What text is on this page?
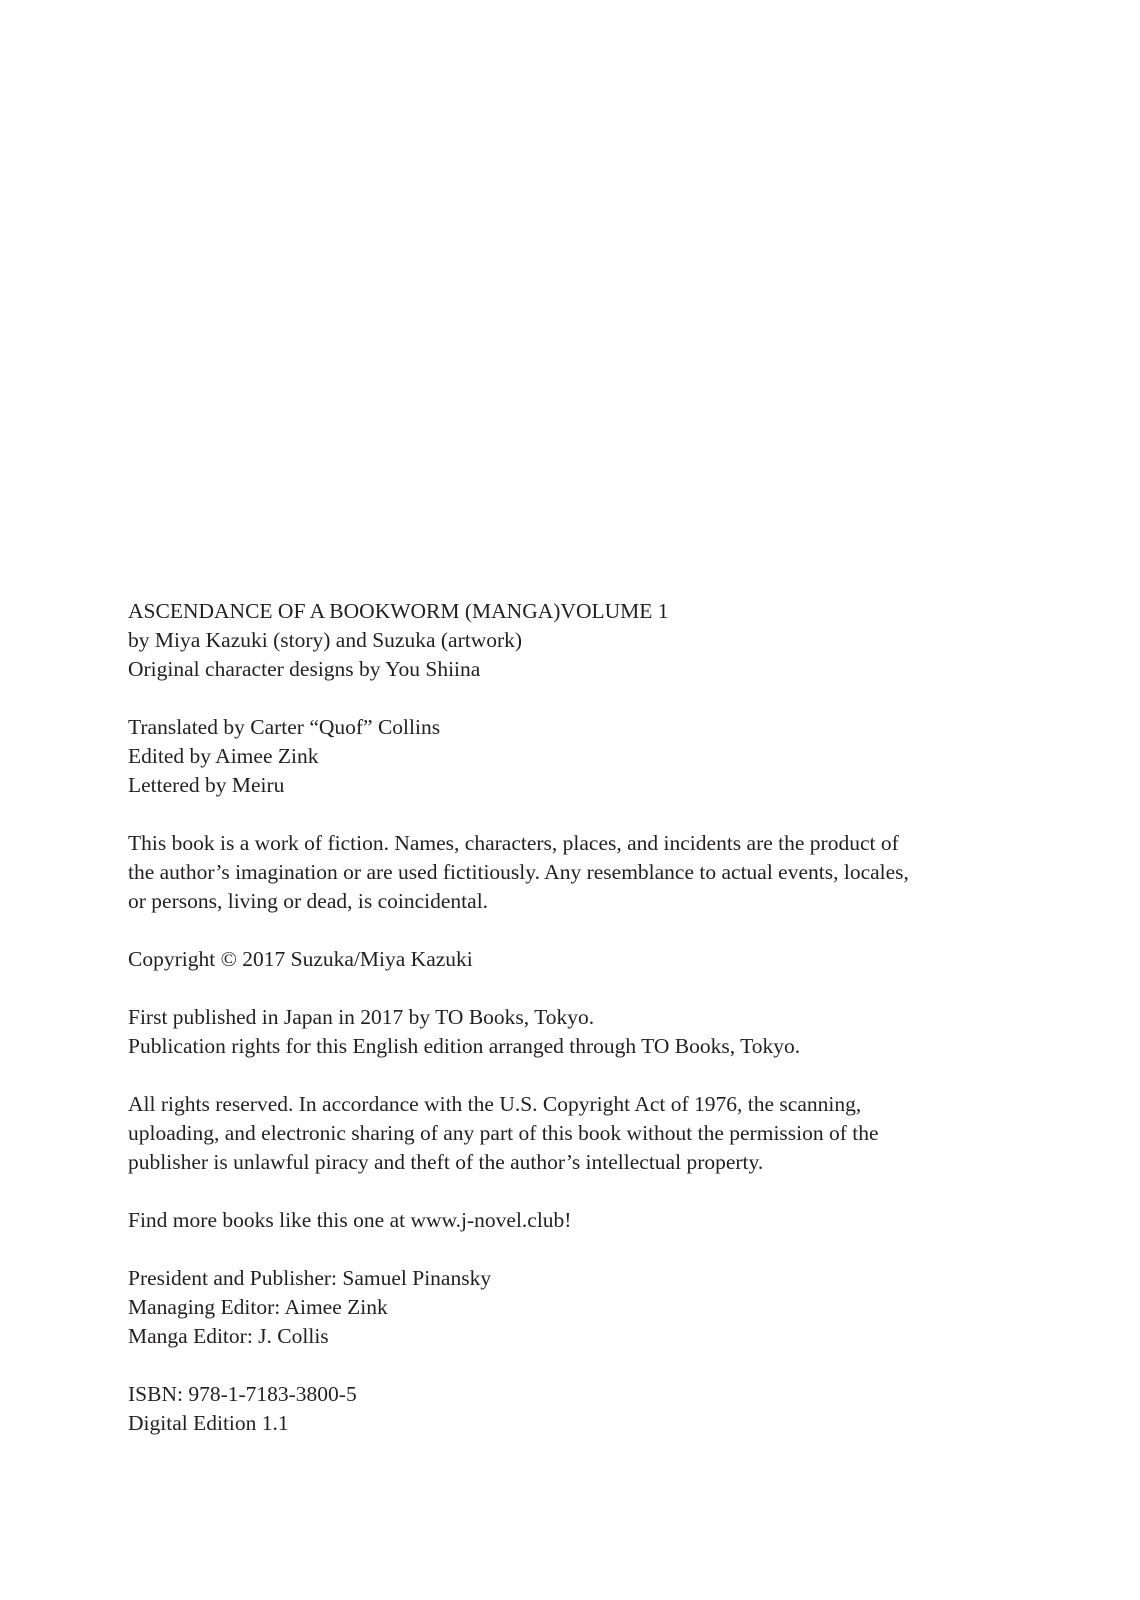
ASCENDANCE OF A BOOKWORM (MANGA)VOLUME 1
by Miya Kazuki (story) and Suzuka (artwork)
Original character designs by You Shiina
Translated by Carter “Quof” Collins
Edited by Aimee Zink
Lettered by Meiru
This book is a work of fiction. Names, characters, places, and incidents are the product of
the author’s imagination or are used fictitiously. Any resemblance to actual events, locales,
or persons, living or dead, is coincidental.
Copyright © 2017 Suzuka/Miya Kazuki
First published in Japan in 2017 by TO Books, Tokyo.
Publication rights for this English edition arranged through TO Books, Tokyo.
All rights reserved. In accordance with the U.S. Copyright Act of 1976, the scanning,
uploading, and electronic sharing of any part of this book without the permission of the
publisher is unlawful piracy and theft of the author’s intellectual property.
Find more books like this one at www.j-novel.club!
President and Publisher: Samuel Pinansky
Managing Editor: Aimee Zink
Manga Editor: J. Collis
ISBN: 978-1-7183-3800-5
Digital Edition 1.1
